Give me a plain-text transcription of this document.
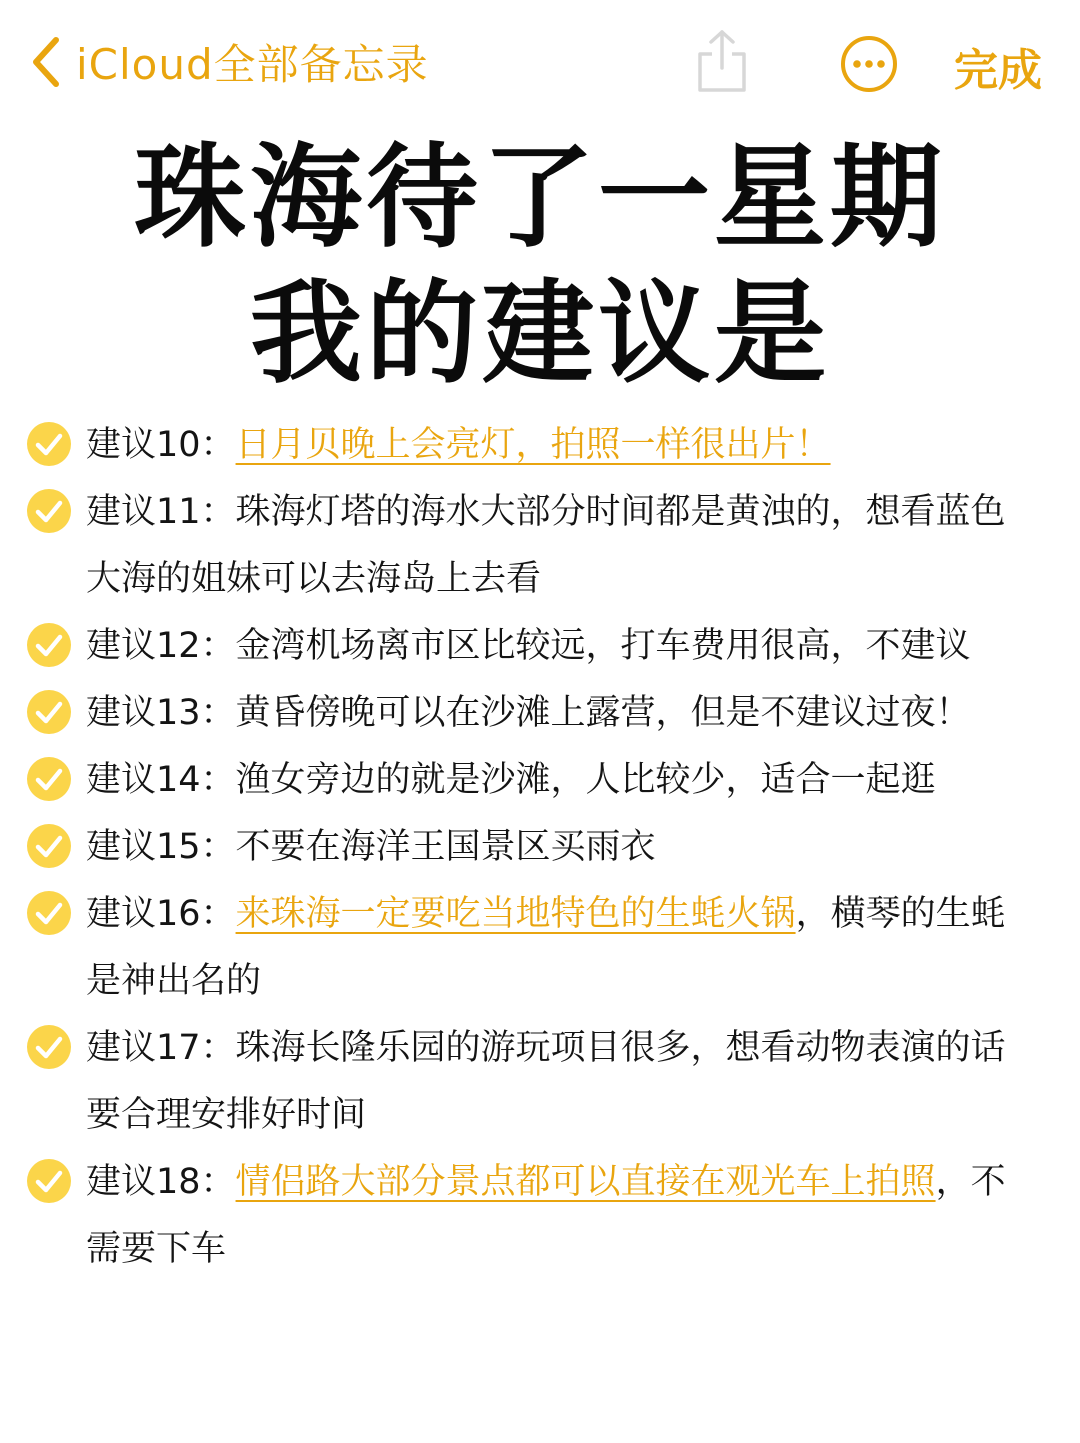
iCloud全部备忘录	完成
珠海待了一星期
我的建议是
建议10：日月贝晚上会亮灯，拍照一样很出片！
建议11：珠海灯塔的海水大部分时间都是黄浊的，想看蓝色大海的姐妹可以去海岛上去看
建议12：金湾机场离市区比较远，打车费用很高，不建议
建议13：黄昏傍晚可以在沙滩上露营，但是不建议过夜！
建议14：渔女旁边的就是沙滩，人比较少，适合一起逛
建议15：不要在海洋王国景区买雨衣
建议16：来珠海一定要吃当地特色的生蚝火锅，横琴的生蚝是神出名的
建议17：珠海长隆乐园的游玩项目很多，想看动物表演的话要合理安排好时间
建议18：情侣路大部分景点都可以直接在观光车上拍照，不需要下车
